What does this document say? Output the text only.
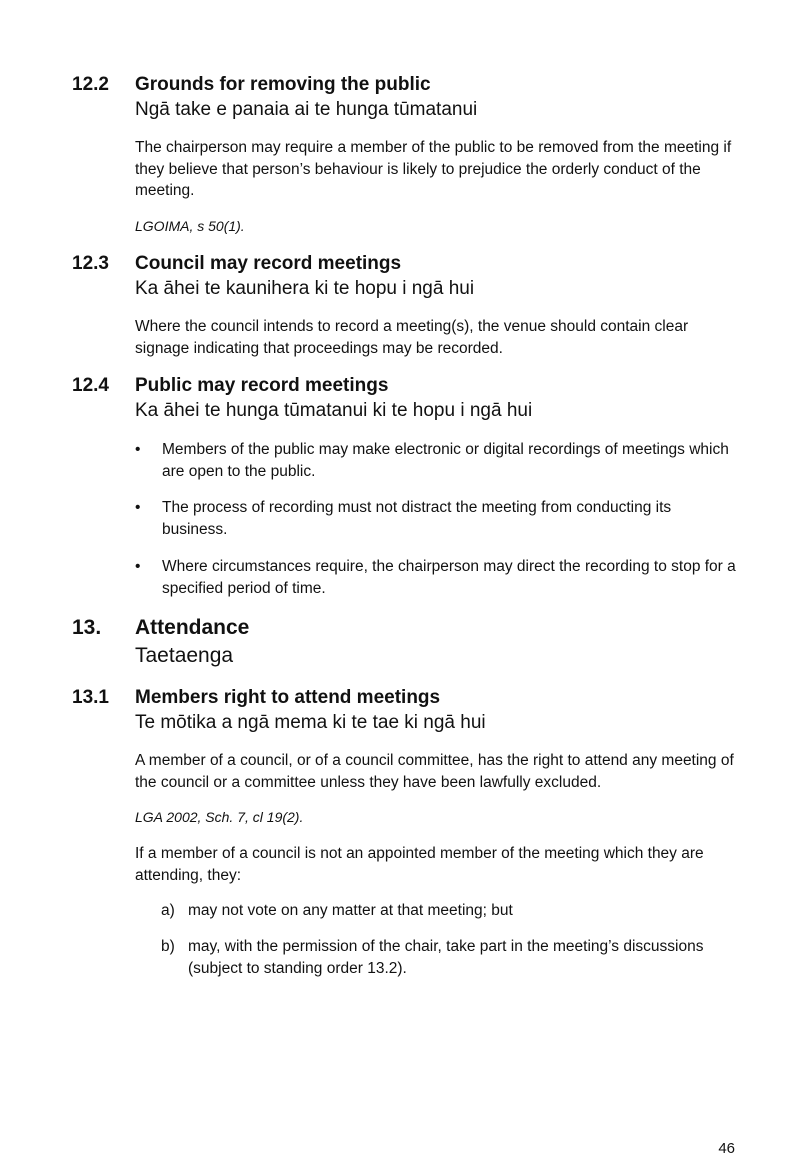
12.2 Grounds for removing the public
Ngā take e panaia ai te hunga tūmatanui
The chairperson may require a member of the public to be removed from the meeting if they believe that person’s behaviour is likely to prejudice the orderly conduct of the meeting.
LGOIMA, s 50(1).
12.3 Council may record meetings
Ka āhei te kaunihera ki te hopu i ngā hui
Where the council intends to record a meeting(s), the venue should contain clear signage indicating that proceedings may be recorded.
12.4 Public may record meetings
Ka āhei te hunga tūmatanui ki te hopu i ngā hui
•	Members of the public may make electronic or digital recordings of meetings which are open to the public.
•	The process of recording must not distract the meeting from conducting its business.
•	Where circumstances require, the chairperson may direct the recording to stop for a specified period of time.
13. Attendance
Taetaenga
13.1 Members right to attend meetings
Te mōtika a ngā mema ki te tae ki ngā hui
A member of a council, or of a council committee, has the right to attend any meeting of the council or a committee unless they have been lawfully excluded.
LGA 2002, Sch. 7, cl 19(2).
If a member of a council is not an appointed member of the meeting which they are attending, they:
a) may not vote on any matter at that meeting; but
b) may, with the permission of the chair, take part in the meeting’s discussions (subject to standing order 13.2).
46
